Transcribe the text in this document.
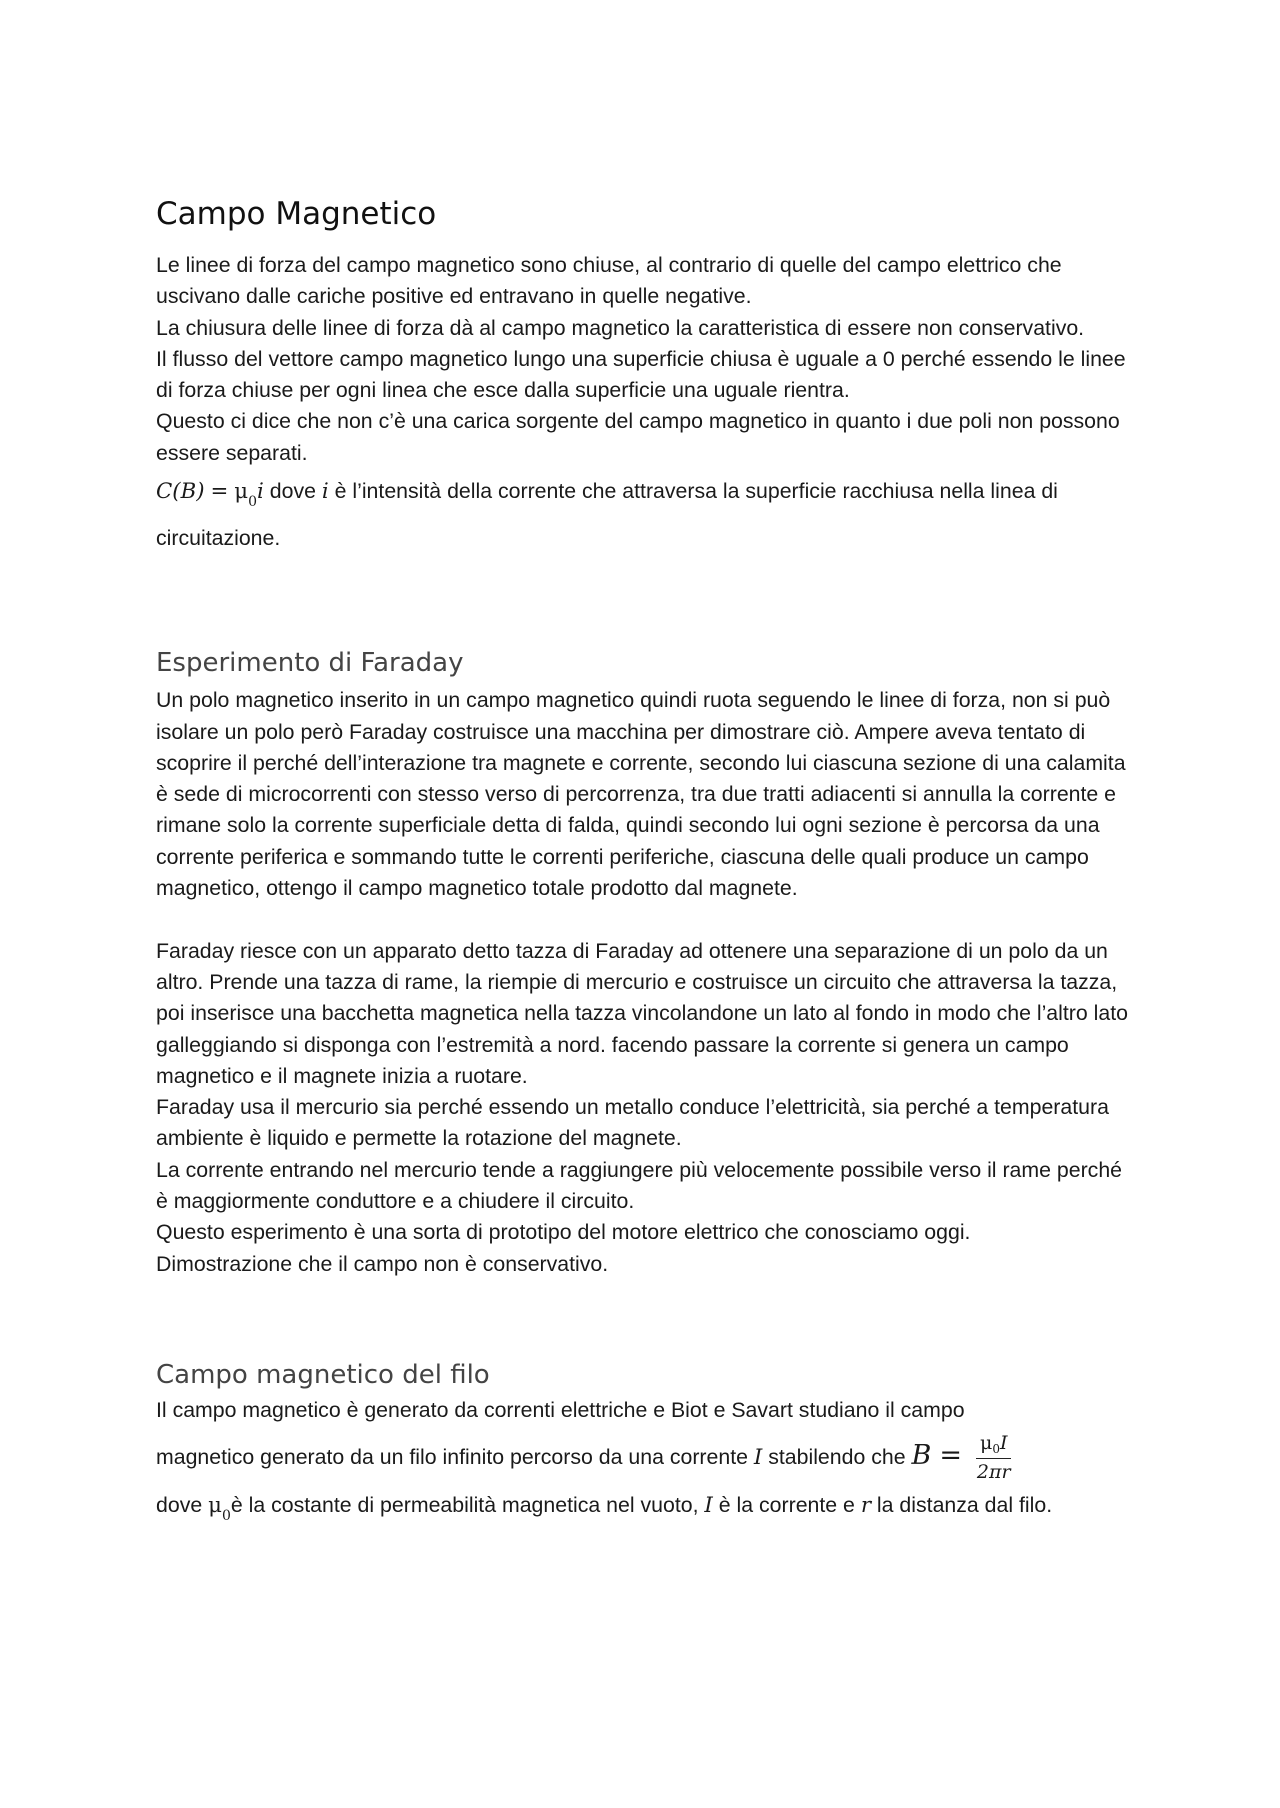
Campo Magnetico

Le linee di forza del campo magnetico sono chiuse, al contrario di quelle del campo elettrico che uscivano dalle cariche positive ed entravano in quelle negative.

La chiusura delle linee di forza dà al campo magnetico la caratteristica di essere non conservativo.

Il flusso del vettore campo magnetico lungo una superficie chiusa è uguale a 0 perché essendo le linee di forza chiuse per ogni linea che esce dalla superficie una uguale rientra.

Questo ci dice che non c’è una carica sorgente del campo magnetico in quanto i due poli non possono essere separati.

$C(B) = \mu_0i$ dove i è l’intensità della corrente che attraversa la superficie racchiusa nella linea di circuitazione.

Esperimento di Faraday

Un polo magnetico inserito in un campo magnetico quindi ruota seguendo le linee di forza, non si può isolare un polo però Faraday costruisce una macchina per dimostrare ciò. Ampere aveva tentato di scoprire il perché dell’interazione tra magnete e corrente, secondo lui ciascuna sezione di una calamita è sede di microcorrenti con stesso verso di percorrenza, tra due tratti adiacenti si annulla la corrente e rimane solo la corrente superficiale detta di falda, quindi secondo lui ogni sezione è percorsa da una corrente periferica e sommando tutte le correnti periferiche, ciascuna delle quali produce un campo magnetico, ottengo il campo magnetico totale prodotto dal magnete.

Faraday riesce con un apparato detto tazza di Faraday ad ottenere una separazione di un polo da un altro. Prende una tazza di rame, la riempie di mercurio e costruisce un circuito che attraversa la tazza, poi inserisce una bacchetta magnetica nella tazza vincolandone un lato al fondo in modo che l’altro lato galleggiando si disponga con l’estremità a nord. facendo passare la corrente si genera un campo magnetico e il magnete inizia a ruotare.

Faraday usa il mercurio sia perché essendo un metallo conduce l’elettricità, sia perché a temperatura ambiente è liquido e permette la rotazione del magnete.

La corrente entrando nel mercurio tende a raggiungere più velocemente possibile verso il rame perché è maggiormente conduttore e a chiudere il circuito.

Questo esperimento è una sorta di prototipo del motore elettrico che conosciamo oggi.

Dimostrazione che il campo non è conservativo.

Campo magnetico del filo

Il campo magnetico è generato da correnti elettriche e Biot e Savart studiano il campo

magnetico generato da un filo infinito percorso da una corrente I stabilendo che $B = \frac{\mu_0I}{2\pi r}$

dove $\mu_0è$ la costante di permeabilità magnetica nel vuoto, I è la corrente e r la distanza dal filo.
